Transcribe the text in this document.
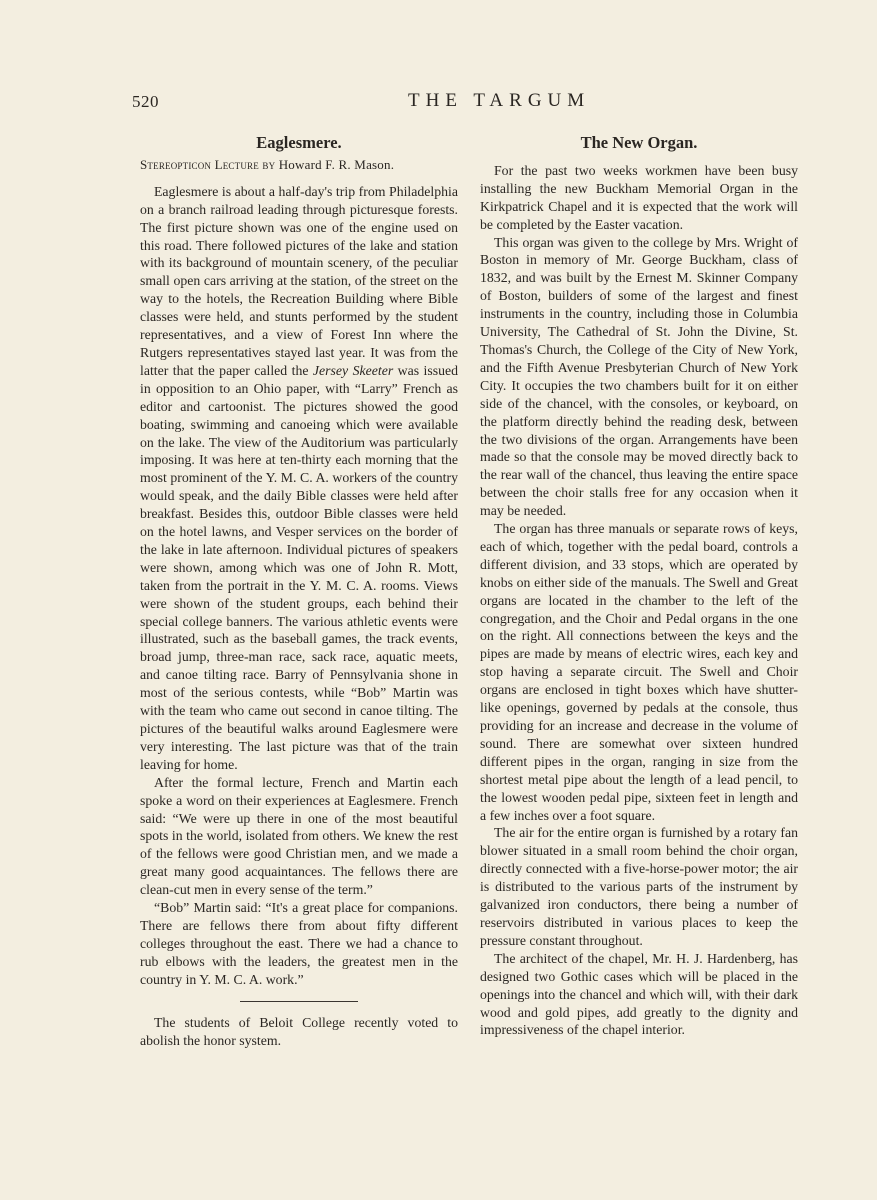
520	THE TARGUM
Eaglesmere.
Stereopticon Lecture by Howard F. R. Mason.

Eaglesmere is about a half-day's trip from Philadelphia on a branch railroad leading through picturesque forests. The first picture shown was one of the engine used on this road. There followed pictures of the lake and station with its background of mountain scenery, of the peculiar small open cars arriving at the station, of the street on the way to the hotels, the Recreation Building where Bible classes were held, and stunts performed by the student representatives, and a view of Forest Inn where the Rutgers representatives stayed last year. It was from the latter that the paper called the Jersey Skeeter was issued in opposition to an Ohio paper, with “Larry” French as editor and cartoonist. The pictures showed the good boating, swimming and canoeing which were available on the lake. The view of the Auditorium was particularly imposing. It was here at ten-thirty each morning that the most prominent of the Y. M. C. A. workers of the country would speak, and the daily Bible classes were held after breakfast. Besides this, outdoor Bible classes were held on the hotel lawns, and Vesper services on the border of the lake in late afternoon. Individual pictures of speakers were shown, among which was one of John R. Mott, taken from the portrait in the Y. M. C. A. rooms. Views were shown of the student groups, each behind their special college banners. The various athletic events were illustrated, such as the baseball games, the track events, broad jump, three-man race, sack race, aquatic meets, and canoe tilting race. Barry of Pennsylvania shone in most of the serious contests, while “Bob” Martin was with the team who came out second in canoe tilting. The pictures of the beautiful walks around Eaglesmere were very interesting. The last picture was that of the train leaving for home.

After the formal lecture, French and Martin each spoke a word on their experiences at Eaglesmere. French said: “We were up there in one of the most beautiful spots in the world, isolated from others. We knew the rest of the fellows were good Christian men, and we made a great many good acquaintances. The fellows there are clean-cut men in every sense of the term.”

“Bob” Martin said: “It's a great place for companions. There are fellows there from about fifty different colleges throughout the east. There we had a chance to rub elbows with the leaders, the greatest men in the country in Y. M. C. A. work.”

The students of Beloit College recently voted to abolish the honor system.

The New Organ.

For the past two weeks workmen have been busy installing the new Buckham Memorial Organ in the Kirkpatrick Chapel and it is expected that the work will be completed by the Easter vacation.

This organ was given to the college by Mrs. Wright of Boston in memory of Mr. George Buckham, class of 1832, and was built by the Ernest M. Skinner Company of Boston, builders of some of the largest and finest instruments in the country, including those in Columbia University, The Cathedral of St. John the Divine, St. Thomas's Church, the College of the City of New York, and the Fifth Avenue Presbyterian Church of New York City. It occupies the two chambers built for it on either side of the chancel, with the consoles, or keyboard, on the platform directly behind the reading desk, between the two divisions of the organ. Arrangements have been made so that the console may be moved directly back to the rear wall of the chancel, thus leaving the entire space between the choir stalls free for any occasion when it may be needed.

The organ has three manuals or separate rows of keys, each of which, together with the pedal board, controls a different division, and 33 stops, which are operated by knobs on either side of the manuals. The Swell and Great organs are located in the chamber to the left of the congregation, and the Choir and Pedal organs in the one on the right. All connections between the keys and the pipes are made by means of electric wires, each key and stop having a separate circuit. The Swell and Choir organs are enclosed in tight boxes which have shutter-like openings, governed by pedals at the console, thus providing for an increase and decrease in the volume of sound. There are somewhat over sixteen hundred different pipes in the organ, ranging in size from the shortest metal pipe about the length of a lead pencil, to the lowest wooden pedal pipe, sixteen feet in length and a few inches over a foot square.

The air for the entire organ is furnished by a rotary fan blower situated in a small room behind the choir organ, directly connected with a five-horse-power motor; the air is distributed to the various parts of the instrument by galvanized iron conductors, there being a number of reservoirs distributed in various places to keep the pressure constant throughout.

The architect of the chapel, Mr. H. J. Hardenberg, has designed two Gothic cases which will be placed in the openings into the chancel and which will, with their dark wood and gold pipes, add greatly to the dignity and impressiveness of the chapel interior.
